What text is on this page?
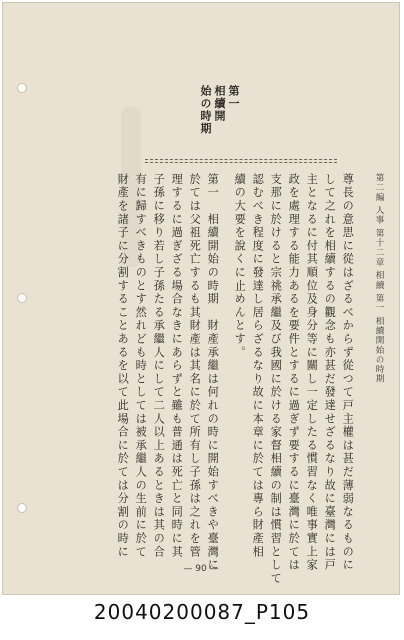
第一
相續開
始の時期
第二編 人事 第十二章 相續 第一 相續開始の時期
尊長の意思に從はざるべからず從つて戸主權は甚だ薄弱なるものに
して之れを相續するの觀念も亦甚だ發達せざるなり故に臺灣には戸
主となるに付其順位及身分等に關し一定したる慣習なく唯事實上家
政を處理する能力あるを要件とするに過ぎず要するに臺灣に於ては
支那に於けると宗祧承繼及び我國に於ける家督相續の制は慣習として
認むべき程度に發達し居らざるなり故に本章に於ては專ら財產相
續の大要を說くに止めんとす。
第一　相續開始の時期　財產承繼は何れの時に開始すべきや臺灣に
於ては父祖死亡するも其財產は其名に於て所有し子孫は之れを管
理するに過ぎざる場合なきにあらずと雖も普通は死亡と同時に其
子孫に移り若し子孫たる承繼人にして二人以上あるときは其の合
有に歸すべきものとす然れども時としては被承繼人の生前に於て
財產を諸子に分割することあるを以て此場合に於ては分割の時に
— 90 —
20040200087_P105
